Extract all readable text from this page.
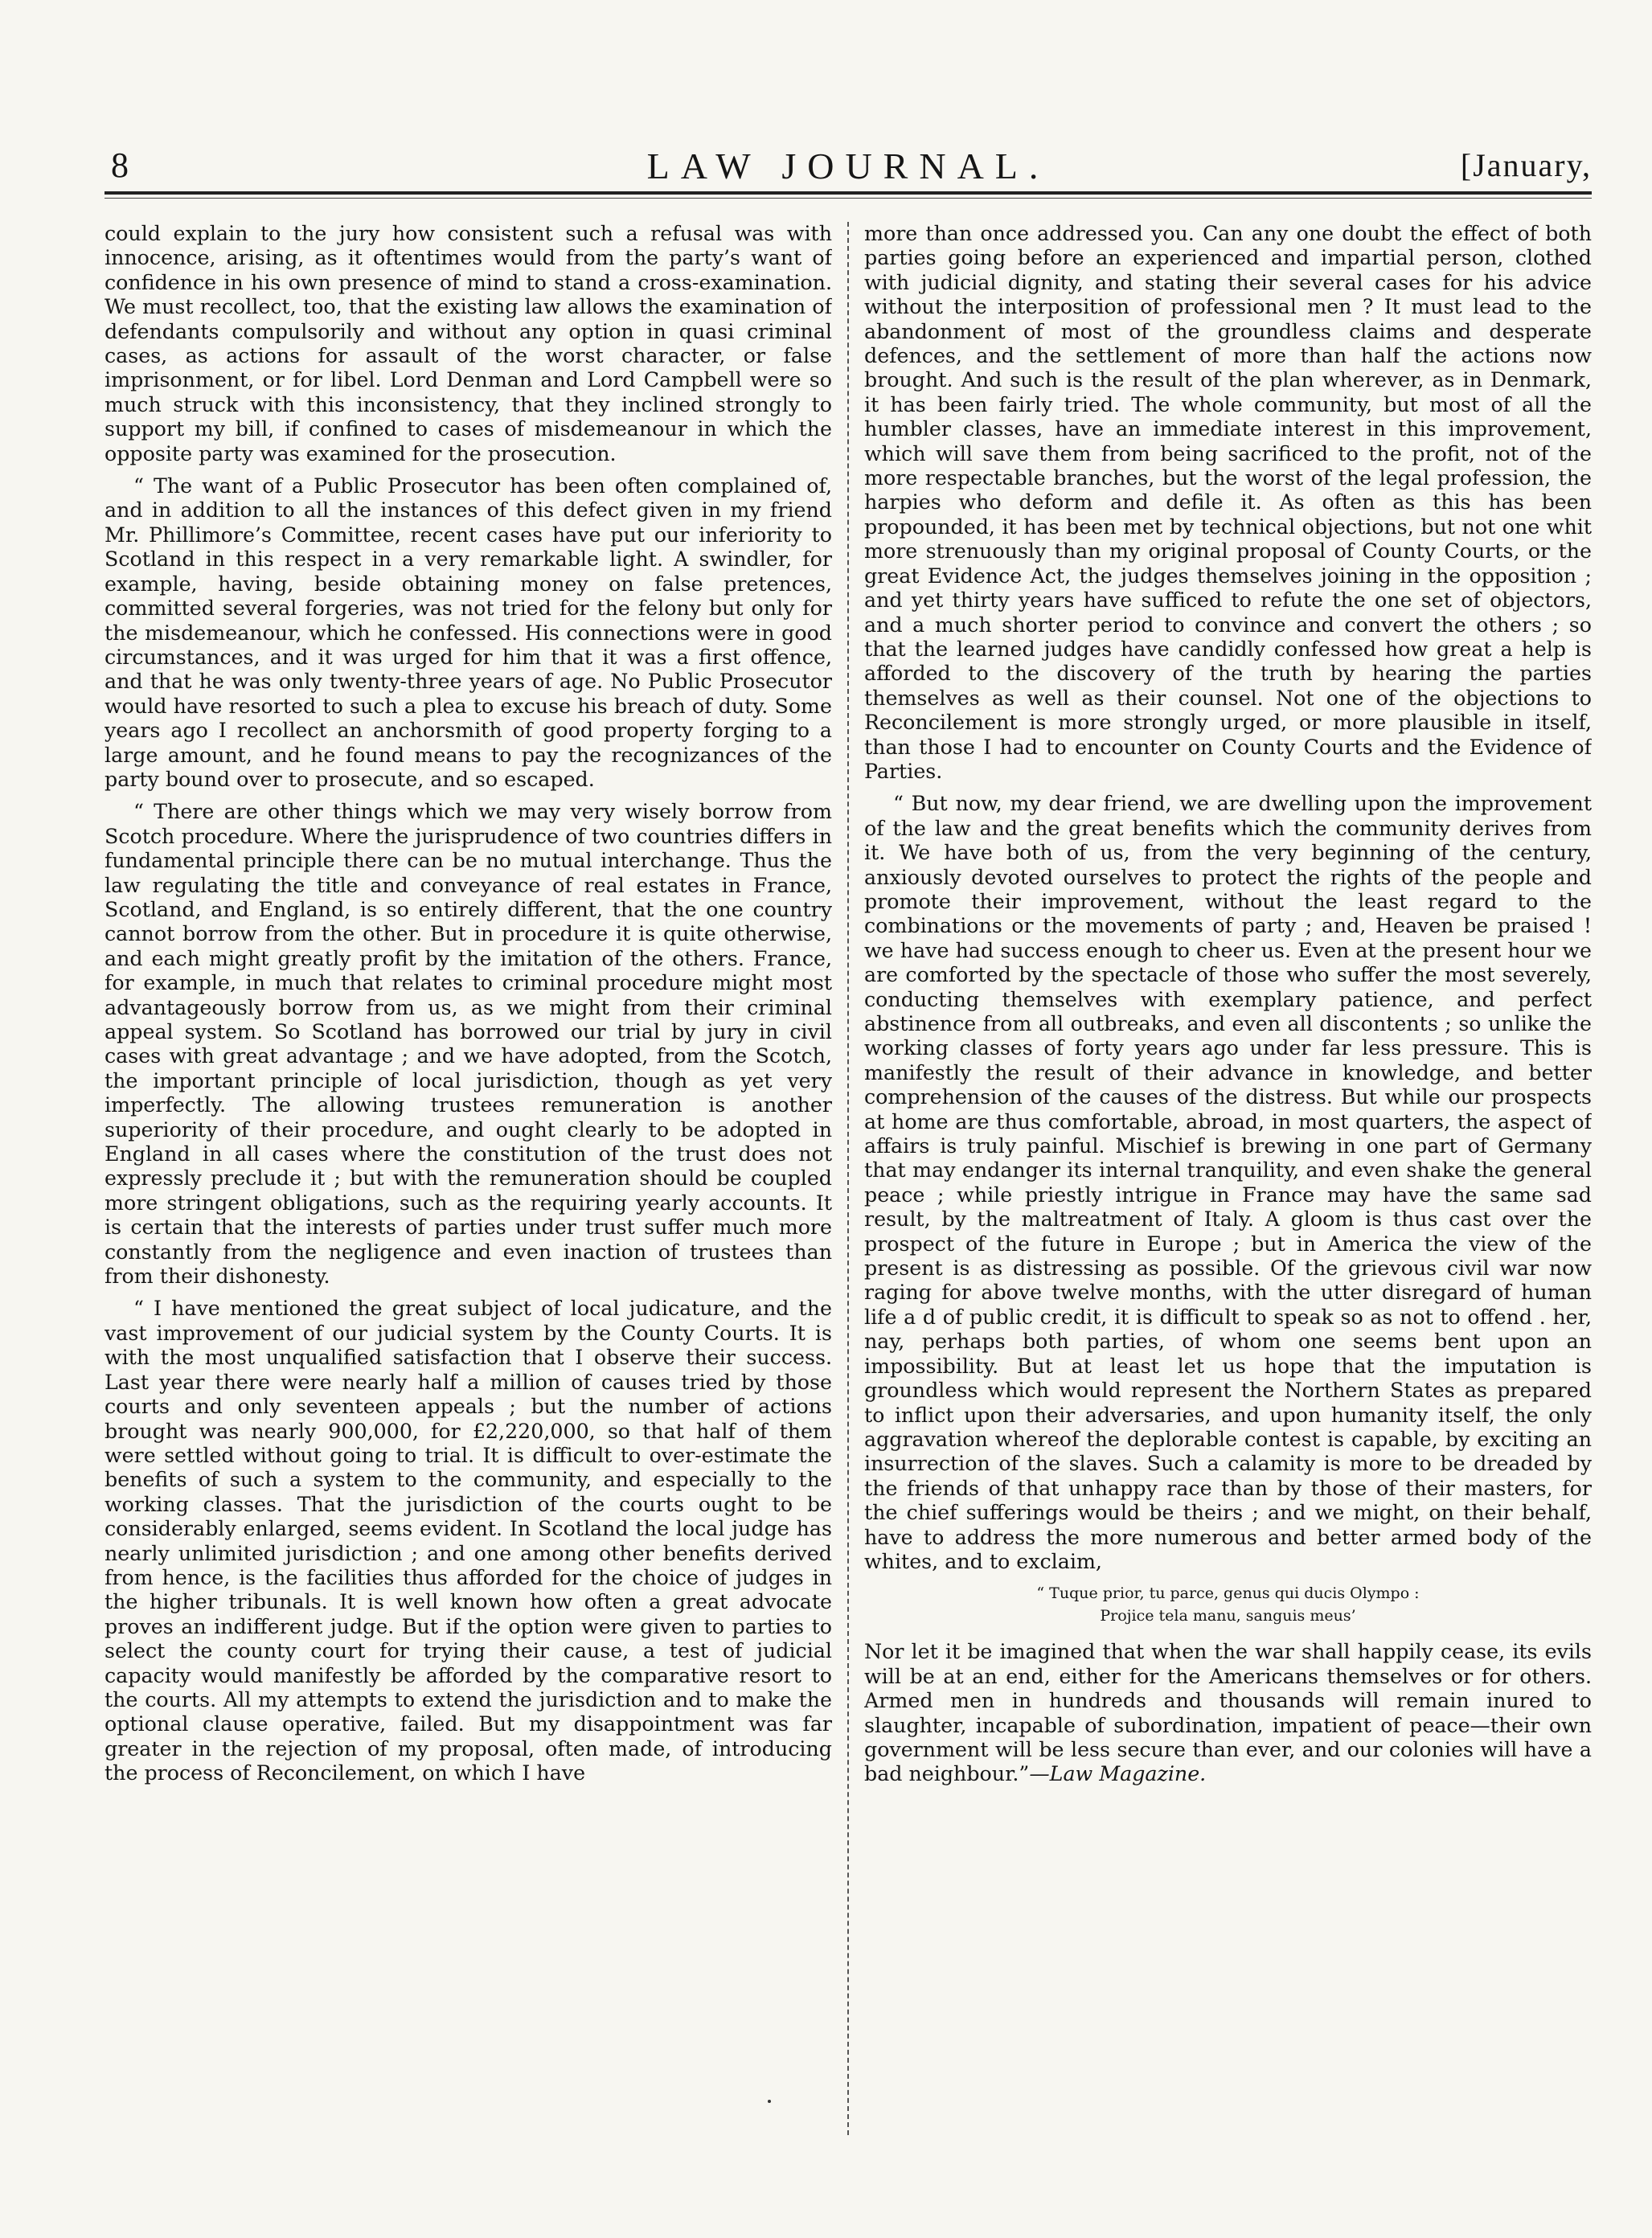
8	LAW JOURNAL.	[January,

could explain to the jury how consistent such a refusal was with innocence, arising, as it oftentimes would from the party’s want of confidence in his own presence of mind to stand a cross-examination. We must recollect, too, that the existing law allows the examination of defendants compulsorily and without any option in quasi criminal cases, as actions for assault of the worst character, or false imprisonment, or for libel. Lord Denman and Lord Campbell were so much struck with this inconsistency, that they inclined strongly to support my bill, if confined to cases of misdemeanour in which the opposite party was examined for the prosecution.

“ The want of a Public Prosecutor has been often complained of, and in addition to all the instances of this defect given in my friend Mr. Phillimore’s Committee, recent cases have put our inferiority to Scotland in this respect in a very remarkable light. A swindler, for example, having, beside obtaining money on false pretences, committed several forgeries, was not tried for the felony but only for the misdemeanour, which he confessed. His connections were in good circumstances, and it was urged for him that it was a first offence, and that he was only twenty-three years of age. No Public Prosecutor would have resorted to such a plea to excuse his breach of duty. Some years ago I recollect an anchorsmith of good property forging to a large amount, and he found means to pay the recognizances of the party bound over to prosecute, and so escaped.

“ There are other things which we may very wisely borrow from Scotch procedure. Where the jurisprudence of two countries differs in fundamental principle there can be no mutual interchange. Thus the law regulating the title and conveyance of real estates in France, Scotland, and England, is so entirely different, that the one country cannot borrow from the other. But in procedure it is quite otherwise, and each might greatly profit by the imitation of the others. France, for example, in much that relates to criminal procedure might most advantageously borrow from us, as we might from their criminal appeal system. So Scotland has borrowed our trial by jury in civil cases with great advantage ; and we have adopted, from the Scotch, the important principle of local jurisdiction, though as yet very imperfectly. The allowing trustees remuneration is another superiority of their procedure, and ought clearly to be adopted in England in all cases where the constitution of the trust does not expressly preclude it ; but with the remuneration should be coupled more stringent obligations, such as the requiring yearly accounts. It is certain that the interests of parties under trust suffer much more constantly from the negligence and even inaction of trustees than from their dishonesty.

“ I have mentioned the great subject of local judicature, and the vast improvement of our judicial system by the County Courts. It is with the most unqualified satisfaction that I observe their success. Last year there were nearly half a million of causes tried by those courts and only seventeen appeals ; but the number of actions brought was nearly 900,000, for £2,220,000, so that half of them were settled without going to trial. It is difficult to over-estimate the benefits of such a system to the community, and especially to the working classes. That the jurisdiction of the courts ought to be considerably enlarged, seems evident. In Scotland the local judge has nearly unlimited jurisdiction ; and one among other benefits derived from hence, is the facilities thus afforded for the choice of judges in the higher tribunals. It is well known how often a great advocate proves an indifferent judge. But if the option were given to parties to select the county court for trying their cause, a test of judicial capacity would manifestly be afforded by the comparative resort to the courts. All my attempts to extend the jurisdiction and to make the optional clause operative, failed. But my disappointment was far greater in the rejection of my proposal, often made, of introducing the process of Reconcilement, on which I have

more than once addressed you. Can any one doubt the effect of both parties going before an experienced and impartial person, clothed with judicial dignity, and stating their several cases for his advice without the interposition of professional men ? It must lead to the abandonment of most of the groundless claims and desperate defences, and the settlement of more than half the actions now brought. And such is the result of the plan wherever, as in Denmark, it has been fairly tried. The whole community, but most of all the humbler classes, have an immediate interest in this improvement, which will save them from being sacrificed to the profit, not of the more respectable branches, but the worst of the legal profession, the harpies who deform and defile it. As often as this has been propounded, it has been met by technical objections, but not one whit more strenuously than my original proposal of County Courts, or the great Evidence Act, the judges themselves joining in the opposition ; and yet thirty years have sufficed to refute the one set of objectors, and a much shorter period to convince and convert the others ; so that the learned judges have candidly confessed how great a help is afforded to the discovery of the truth by hearing the parties themselves as well as their counsel. Not one of the objections to Reconcilement is more strongly urged, or more plausible in itself, than those I had to encounter on County Courts and the Evidence of Parties.

“ But now, my dear friend, we are dwelling upon the improvement of the law and the great benefits which the community derives from it. We have both of us, from the very beginning of the century, anxiously devoted ourselves to protect the rights of the people and promote their improvement, without the least regard to the combinations or the movements of party ; and, Heaven be praised ! we have had success enough to cheer us. Even at the present hour we are comforted by the spectacle of those who suffer the most severely, conducting themselves with exemplary patience, and perfect abstinence from all outbreaks, and even all discontents ; so unlike the working classes of forty years ago under far less pressure. This is manifestly the result of their advance in knowledge, and better comprehension of the causes of the distress. But while our prospects at home are thus comfortable, abroad, in most quarters, the aspect of affairs is truly painful. Mischief is brewing in one part of Germany that may endanger its internal tranquility, and even shake the general peace ; while priestly intrigue in France may have the same sad result, by the maltreatment of Italy. A gloom is thus cast over the prospect of the future in Europe ; but in America the view of the present is as distressing as possible. Of the grievous civil war now raging for above twelve months, with the utter disregard of human life a d of public credit, it is difficult to speak so as not to offend . her, nay, perhaps both parties, of whom one seems bent upon an impossibility. But at least let us hope that the imputation is groundless which would represent the Northern States as prepared to inflict upon their adversaries, and upon humanity itself, the only aggravation whereof the deplorable contest is capable, by exciting an insurrection of the slaves. Such a calamity is more to be dreaded by the friends of that unhappy race than by those of their masters, for the chief sufferings would be theirs ; and we might, on their behalf, have to address the more numerous and better armed body of the whites, and to exclaim,

“ Tuque prior, tu parce, genus qui ducis Olympo :
Projice tela manu, sanguis meus’

Nor let it be imagined that when the war shall happily cease, its evils will be at an end, either for the Americans themselves or for others. Armed men in hundreds and thousands will remain inured to slaughter, incapable of subordination, impatient of peace—their own government will be less secure than ever, and our colonies will have a bad neighbour.”—Law Magazine.
